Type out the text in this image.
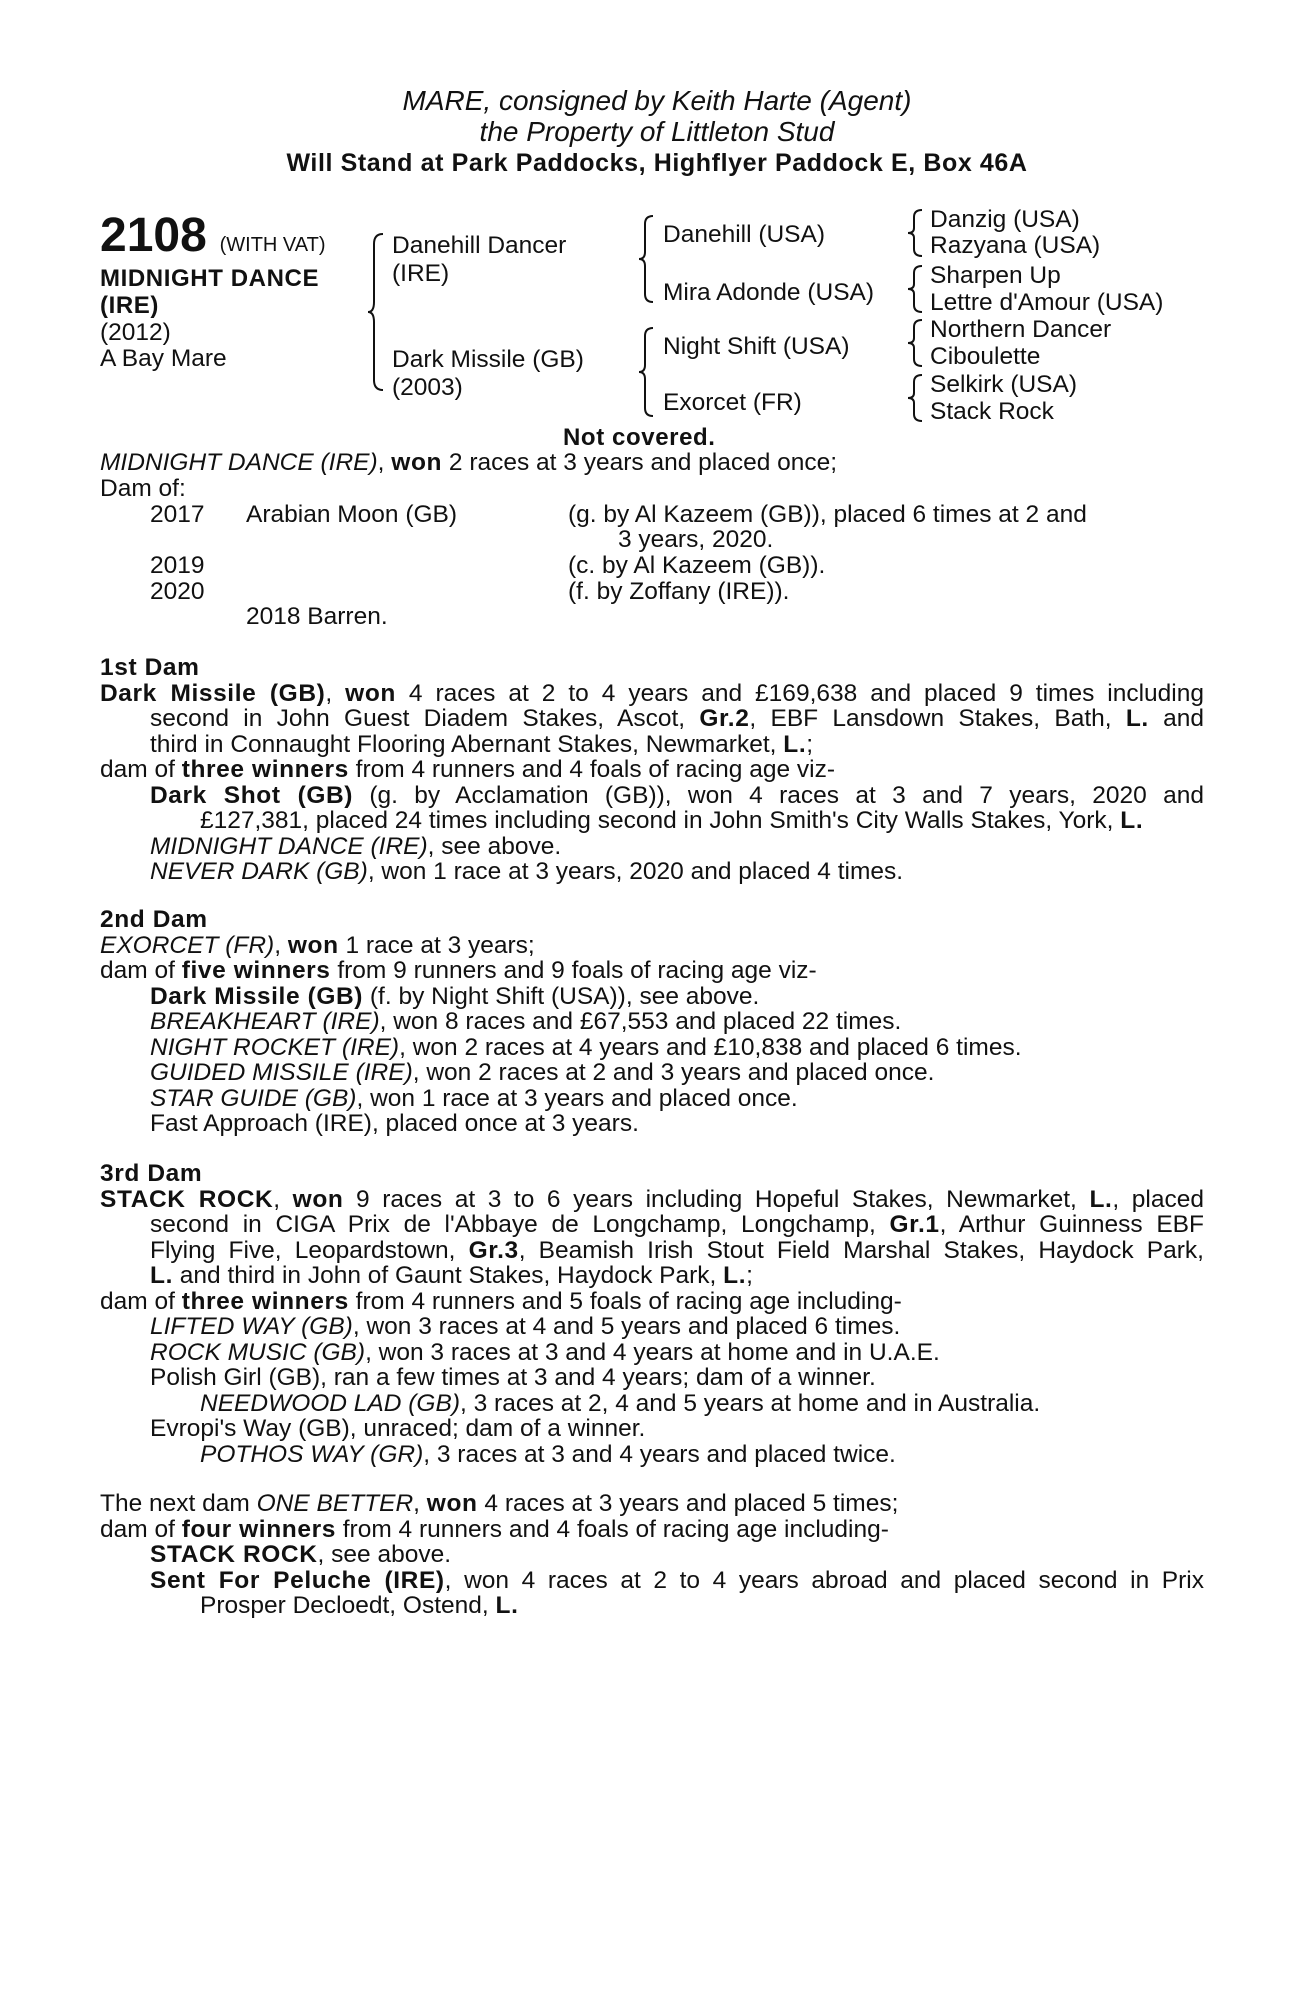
MARE, consigned by Keith Harte (Agent)
the Property of Littleton Stud
Will Stand at Park Paddocks, Highflyer Paddock E, Box 46A
2108 (WITH VAT)
MIDNIGHT DANCE
(IRE)
(2012)
A Bay Mare
Danehill Dancer
(IRE)
Dark Missile (GB)
(2003)
Danehill (USA)
Mira Adonde (USA)
Night Shift (USA)
Exorcet (FR)
Danzig (USA)
Razyana (USA)
Sharpen Up
Lettre d'Amour (USA)
Northern Dancer
Ciboulette
Selkirk (USA)
Stack Rock
Not covered.
MIDNIGHT DANCE (IRE), won 2 races at 3 years and placed once;
Dam of:
2017 Arabian Moon (GB)	(g. by Al Kazeem (GB)), placed 6 times at 2 and
3 years, 2020.
2019	(c. by Al Kazeem (GB)).
2020	(f. by Zoffany (IRE)).
2018 Barren.
1st Dam
Dark Missile (GB), won 4 races at 2 to 4 years and £169,638 and placed 9 times including
second in John Guest Diadem Stakes, Ascot, Gr.2, EBF Lansdown Stakes, Bath, L. and
third in Connaught Flooring Abernant Stakes, Newmarket, L.;
dam of three winners from 4 runners and 4 foals of racing age viz-
Dark Shot (GB) (g. by Acclamation (GB)), won 4 races at 3 and 7 years, 2020 and
£127,381, placed 24 times including second in John Smith's City Walls Stakes, York, L.
MIDNIGHT DANCE (IRE), see above.
NEVER DARK (GB), won 1 race at 3 years, 2020 and placed 4 times.
2nd Dam
EXORCET (FR), won 1 race at 3 years;
dam of five winners from 9 runners and 9 foals of racing age viz-
Dark Missile (GB) (f. by Night Shift (USA)), see above.
BREAKHEART (IRE), won 8 races and £67,553 and placed 22 times.
NIGHT ROCKET (IRE), won 2 races at 4 years and £10,838 and placed 6 times.
GUIDED MISSILE (IRE), won 2 races at 2 and 3 years and placed once.
STAR GUIDE (GB), won 1 race at 3 years and placed once.
Fast Approach (IRE), placed once at 3 years.
3rd Dam
STACK ROCK, won 9 races at 3 to 6 years including Hopeful Stakes, Newmarket, L., placed
second in CIGA Prix de l'Abbaye de Longchamp, Longchamp, Gr.1, Arthur Guinness EBF
Flying Five, Leopardstown, Gr.3, Beamish Irish Stout Field Marshal Stakes, Haydock Park,
L. and third in John of Gaunt Stakes, Haydock Park, L.;
dam of three winners from 4 runners and 5 foals of racing age including-
LIFTED WAY (GB), won 3 races at 4 and 5 years and placed 6 times.
ROCK MUSIC (GB), won 3 races at 3 and 4 years at home and in U.A.E.
Polish Girl (GB), ran a few times at 3 and 4 years; dam of a winner.
NEEDWOOD LAD (GB), 3 races at 2, 4 and 5 years at home and in Australia.
Evropi's Way (GB), unraced; dam of a winner.
POTHOS WAY (GR), 3 races at 3 and 4 years and placed twice.
The next dam ONE BETTER, won 4 races at 3 years and placed 5 times;
dam of four winners from 4 runners and 4 foals of racing age including-
STACK ROCK, see above.
Sent For Peluche (IRE), won 4 races at 2 to 4 years abroad and placed second in Prix
Prosper Decloedt, Ostend, L.
